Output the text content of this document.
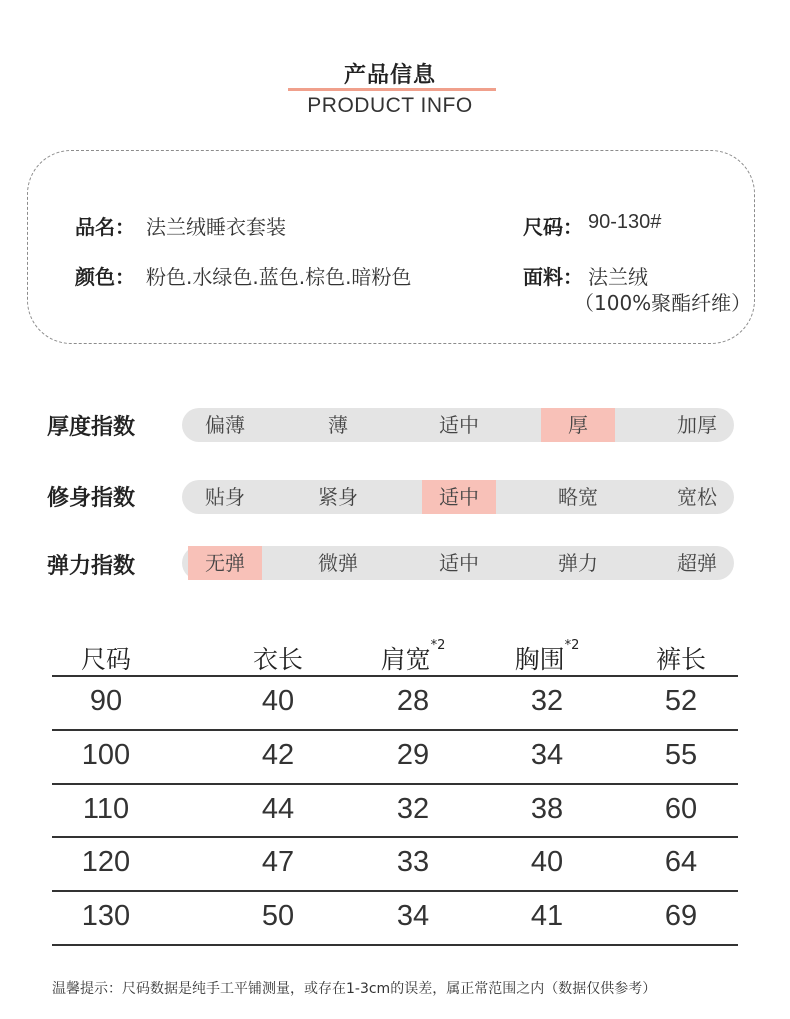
产品信息
PRODUCT INFO
品名： 法兰绒睡衣套装	尺码： 90-130#
颜色： 粉色.水绿色.蓝色.棕色.暗粉色	面料： 法兰绒
（100%聚酯纤维）
厚度指数	偏薄	薄	适中	厚	加厚
修身指数	贴身	紧身	适中	略宽	宽松
弹力指数	无弹	微弹	适中	弹力	超弹
尺码	衣长	肩宽$^{*2}$	胸围$^{*2}$	裤长
90	40	28	32	52
100	42	29	34	55
110	44	32	38	60
120	47	33	40	64
130	50	34	41	69
温馨提示：尺码数据是纯手工平铺测量，或存在1-3cm的误差，属正常范围之内（数据仅供参考）
